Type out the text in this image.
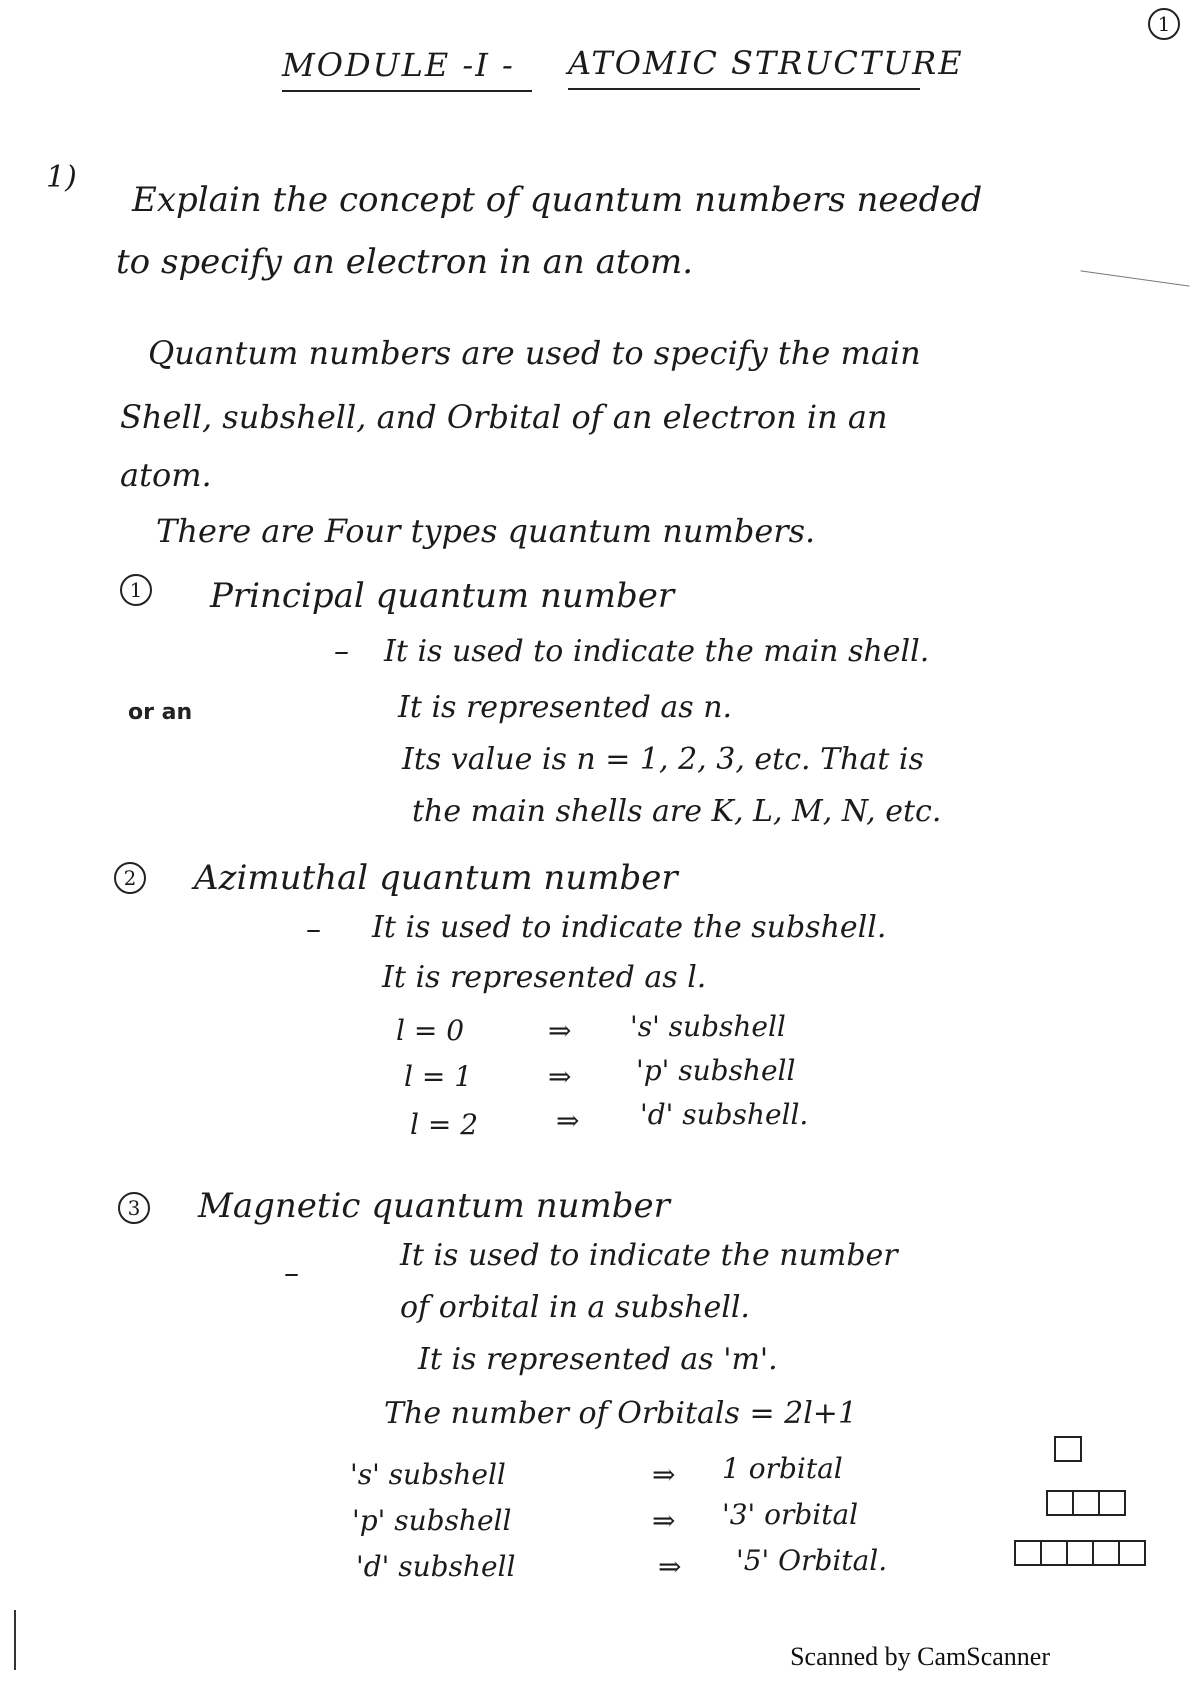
1
MODULE -I - ATOMIC STRUCTURE
1)
Explain the concept of quantum numbers needed
to specify an electron in an atom.
Quantum numbers are used to specify the main
Shell, subshell, and Orbital of an electron in an
atom.
There are Four types quantum numbers.
1 Principal quantum number
– It is used to indicate the main shell.
or an	It is represented as n.
Its value is n = 1, 2, 3, etc. That is
the main shells are K, L, M, N, etc.
2 Azimuthal quantum number
– It is used to indicate the subshell.
It is represented as l.
l = 0	⇒ 's' subshell
l = 1	⇒ 'p' subshell
l = 2	⇒ 'd' subshell.
3 Magnetic quantum number
–
It is used to indicate the number
of orbital in a subshell.
It is represented as 'm'.
The number of Orbitals = 2l+1
's' subshell	⇒ 1 orbital
'p' subshell	⇒ '3' orbital
'd' subshell	⇒ '5' Orbital.
Scanned by CamScanner
